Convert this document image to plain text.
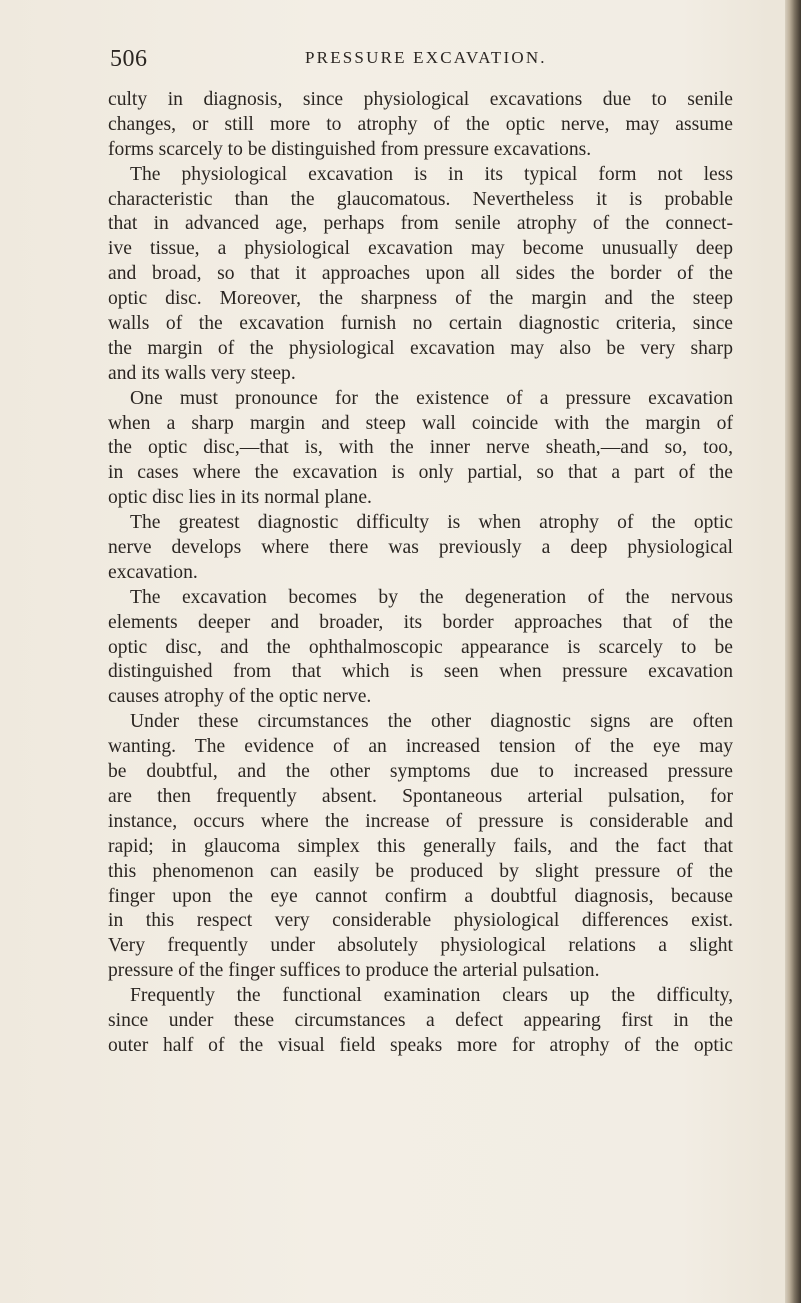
506	PRESSURE EXCAVATION.
culty in diagnosis, since physiological excavations due to senile
changes, or still more to atrophy of the optic nerve, may assume
forms scarcely to be distinguished from pressure excavations.
The physiological excavation is in its typical form not less
characteristic than the glaucomatous. Nevertheless it is probable
that in advanced age, perhaps from senile atrophy of the connect-
ive tissue, a physiological excavation may become unusually deep
and broad, so that it approaches upon all sides the border of the
optic disc. Moreover, the sharpness of the margin and the steep
walls of the excavation furnish no certain diagnostic criteria, since
the margin of the physiological excavation may also be very sharp
and its walls very steep.
One must pronounce for the existence of a pressure excavation
when a sharp margin and steep wall coincide with the margin of
the optic disc,—that is, with the inner nerve sheath,—and so, too,
in cases where the excavation is only partial, so that a part of the
optic disc lies in its normal plane.
The greatest diagnostic difficulty is when atrophy of the optic
nerve develops where there was previously a deep physiological
excavation.
The excavation becomes by the degeneration of the nervous
elements deeper and broader, its border approaches that of the
optic disc, and the ophthalmoscopic appearance is scarcely to be
distinguished from that which is seen when pressure excavation
causes atrophy of the optic nerve.
Under these circumstances the other diagnostic signs are often
wanting. The evidence of an increased tension of the eye may
be doubtful, and the other symptoms due to increased pressure
are then frequently absent. Spontaneous arterial pulsation, for
instance, occurs where the increase of pressure is considerable and
rapid; in glaucoma simplex this generally fails, and the fact that
this phenomenon can easily be produced by slight pressure of the
finger upon the eye cannot confirm a doubtful diagnosis, because
in this respect very considerable physiological differences exist.
Very frequently under absolutely physiological relations a slight
pressure of the finger suffices to produce the arterial pulsation.
Frequently the functional examination clears up the difficulty,
since under these circumstances a defect appearing first in the
outer half of the visual field speaks more for atrophy of the optic
